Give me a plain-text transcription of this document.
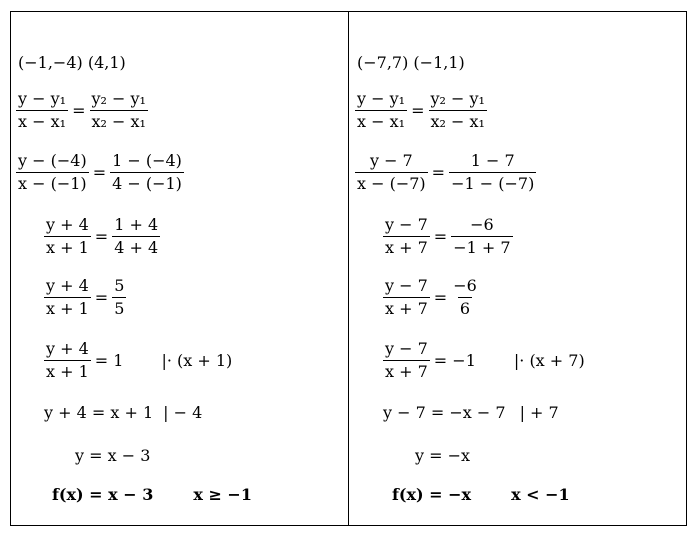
(−1,−4) (4,1)
$\frac{\text{y − y₁}}{\text{x − x₁}} = \frac{\text{y₂ − y₁}}{\text{x₂ − x₁}}$
$\frac{y - (-4)}{x - (-1)} = \frac{1 - (-4)}{4 - (-1)}$
$\frac{y + 4}{x + 1} = \frac{1 + 4}{4 + 4}$
$\frac{y + 4}{x + 1} = \frac{5}{5}$
$\frac{y + 4}{x + 1} = 1$ |· (x + 1)
y + 4 = x + 1 | − 4
y = x − 3
f(x) = x − 3	x ≥ −1
(−7,7) (−1,1)
$\frac{\text{y − y₁}}{\text{x − x₁}} = \frac{\text{y₂ − y₁}}{\text{x₂ − x₁}}$
$\frac{y - 7}{x - (-7)} = \frac{1 - 7}{-1 - (-7)}$
$\frac{y - 7}{x + 7} = \frac{-6}{-1 + 7}$
$\frac{y - 7}{x + 7} = \frac{-6}{6}$
$\frac{y - 7}{x + 7} = -1$ |· (x + 7)
y − 7 = −x − 7 | + 7
y = −x
f(x) = −x	x < −1
